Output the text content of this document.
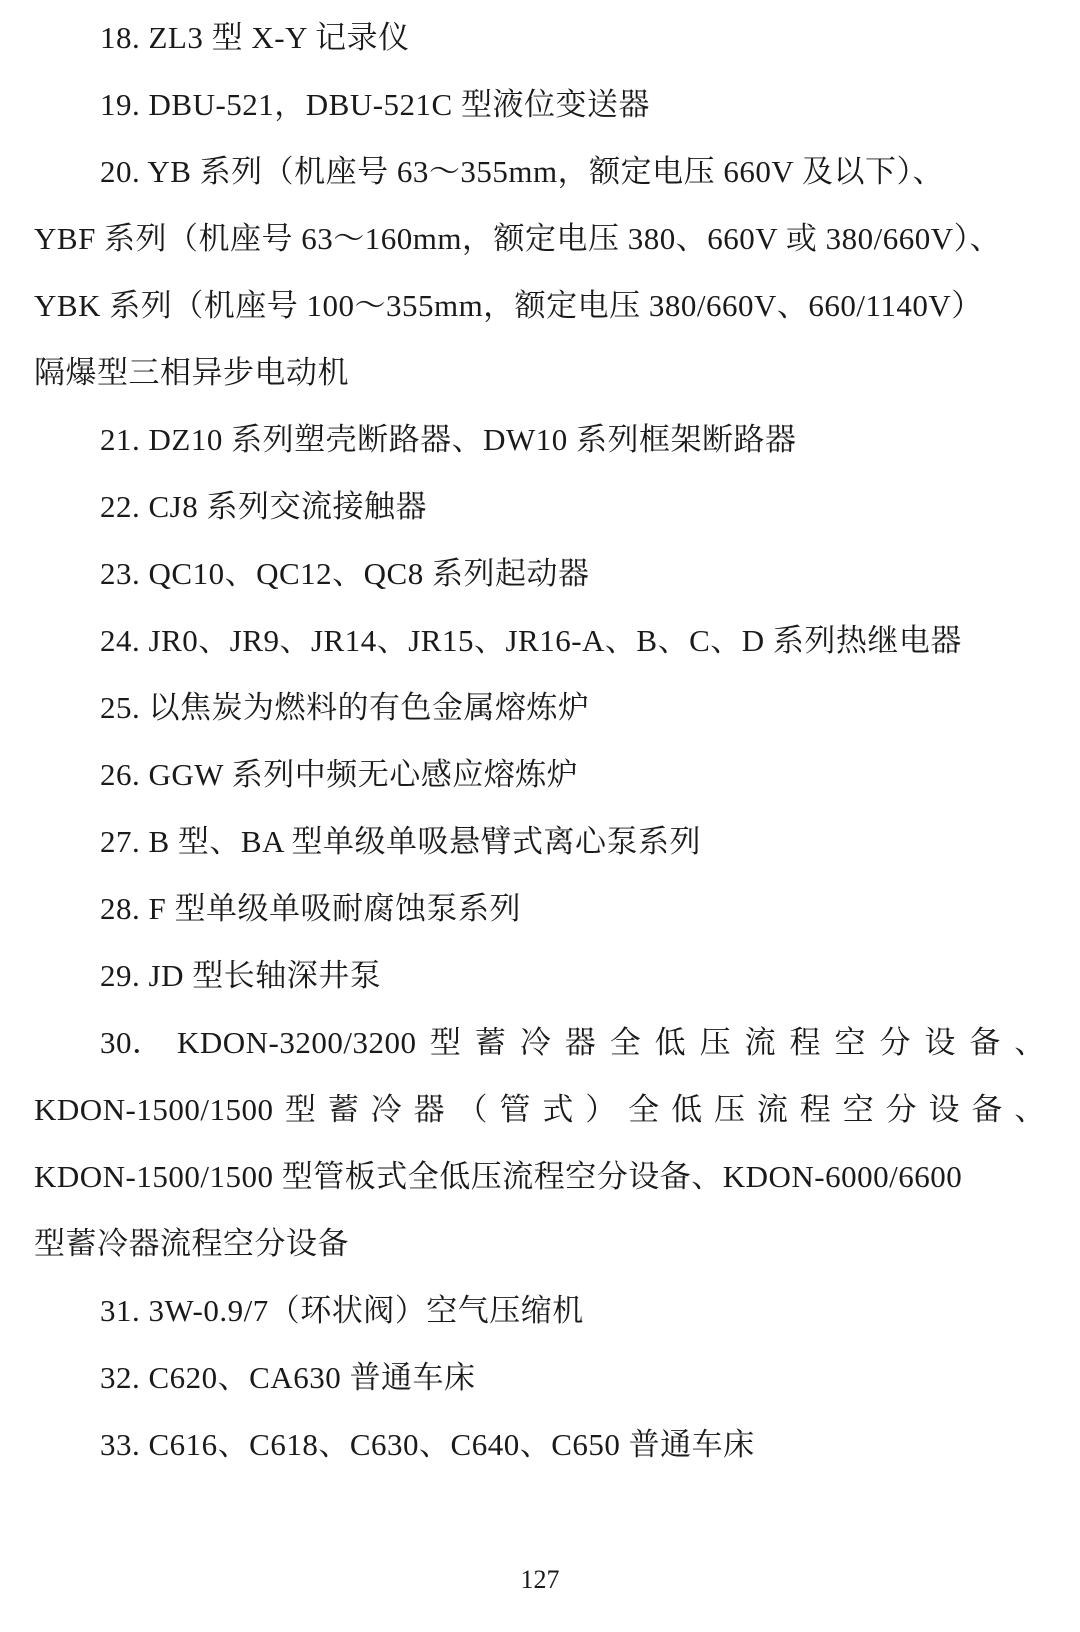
18. ZL3 型 X-Y 记录仪
19. DBU-521，DBU-521C 型液位变送器
20. YB 系列（机座号 63～355mm，额定电压 660V 及以下）、
YBF 系列（机座号 63～160mm，额定电压 380、660V 或 380/660V）、
YBK 系列（机座号 100～355mm，额定电压 380/660V、660/1140V）
隔爆型三相异步电动机
21. DZ10 系列塑壳断路器、DW10 系列框架断路器
22. CJ8 系列交流接触器
23. QC10、QC12、QC8 系列起动器
24. JR0、JR9、JR14、JR15、JR16-A、B、C、D 系列热继电器
25. 以焦炭为燃料的有色金属熔炼炉
26. GGW 系列中频无心感应熔炼炉
27. B 型、BA 型单级单吸悬臂式离心泵系列
28. F 型单级单吸耐腐蚀泵系列
29. JD 型长轴深井泵
30． KDON-3200/3200 型 蓄 冷 器 全 低 压 流 程 空 分 设 备 、
KDON-1500/1500 型 蓄 冷 器 （ 管 式 ） 全 低 压 流 程 空 分 设 备 、
KDON-1500/1500 型管板式全低压流程空分设备、KDON-6000/6600
型蓄冷器流程空分设备
31. 3W-0.9/7（环状阀）空气压缩机
32. C620、CA630 普通车床
33. C616、C618、C630、C640、C650 普通车床
127
